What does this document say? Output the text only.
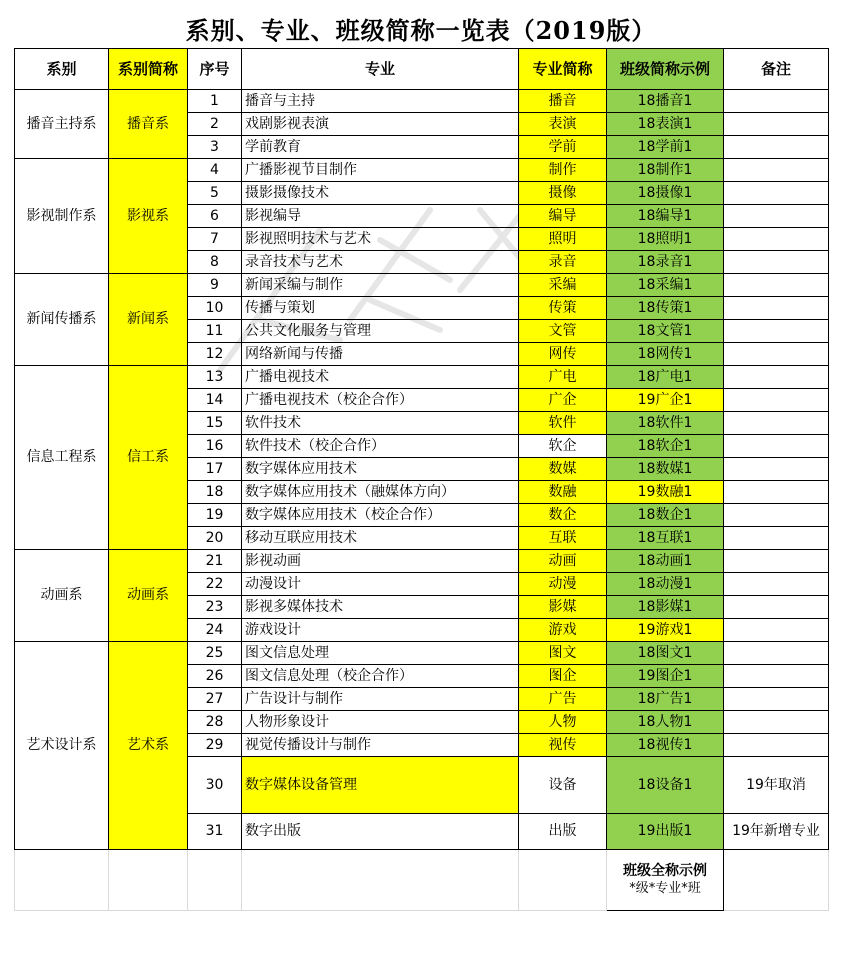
系别、专业、班级简称一览表（2019版）
系别	系别简称	序号	专业	专业简称	班级简称示例	备注
播音主持系	播音系	1	播音与主持	播音	18播音1	
		2	戏剧影视表演	表演	18表演1	
		3	学前教育	学前	18学前1	
影视制作系	影视系	4	广播影视节目制作	制作	18制作1	
		5	摄影摄像技术	摄像	18摄像1	
		6	影视编导	编导	18编导1	
		7	影视照明技术与艺术	照明	18照明1	
		8	录音技术与艺术	录音	18录音1	
新闻传播系	新闻系	9	新闻采编与制作	采编	18采编1	
		10	传播与策划	传策	18传策1	
		11	公共文化服务与管理	文管	18文管1	
		12	网络新闻与传播	网传	18网传1	
信息工程系	信工系	13	广播电视技术	广电	18广电1	
		14	广播电视技术（校企合作）	广企	19广企1	
		15	软件技术	软件	18软件1	
		16	软件技术（校企合作）	软企	18软企1	
		17	数字媒体应用技术	数媒	18数媒1	
		18	数字媒体应用技术（融媒体方向）	数融	19数融1	
		19	数字媒体应用技术（校企合作）	数企	18数企1	
		20	移动互联应用技术	互联	18互联1	
动画系	动画系	21	影视动画	动画	18动画1	
		22	动漫设计	动漫	18动漫1	
		23	影视多媒体技术	影媒	18影媒1	
		24	游戏设计	游戏	19游戏1	
艺术设计系	艺术系	25	图文信息处理	图文	18图文1	
		26	图文信息处理（校企合作）	图企	19图企1	
		27	广告设计与制作	广告	18广告1	
		28	人物形象设计	人物	18人物1	
		29	视觉传播设计与制作	视传	18视传1	
		30	数字媒体设备管理	设备	18设备1	19年取消
		31	数字出版	出版	19出版1	19年新增专业

					班级全称示例
*级*专业*班	
